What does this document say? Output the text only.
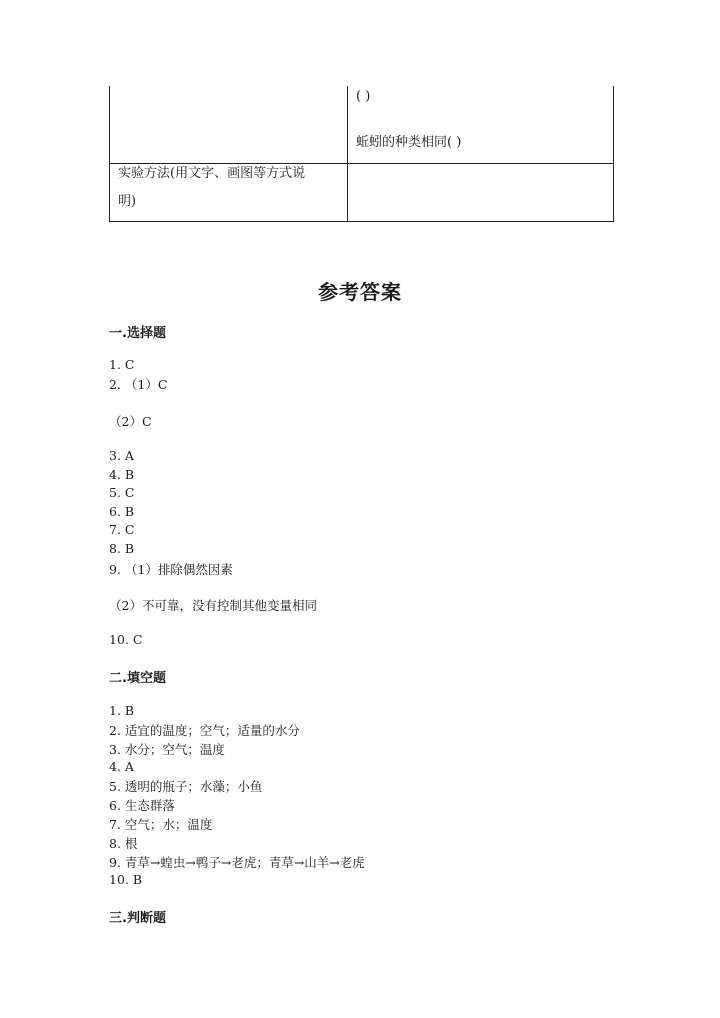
( )
蚯蚓的种类相同( )
实验方法(用文字、画图等方式说
明)
参考答案
一.选择题
1. C
2. （1）C
（2）C
3. A
4. B
5. C
6. B
7. C
8. B
9. （1）排除偶然因素
（2）不可靠，没有控制其他变量相同
10. C
二.填空题
1. B
2. 适宜的温度；空气；适量的水分
3. 水分；空气；温度
4. A
5. 透明的瓶子；水藻；小鱼
6. 生态群落
7. 空气；水；温度
8. 根
9. 青草→蝗虫→鸭子→老虎；青草→山羊→老虎
10. B
三.判断题
